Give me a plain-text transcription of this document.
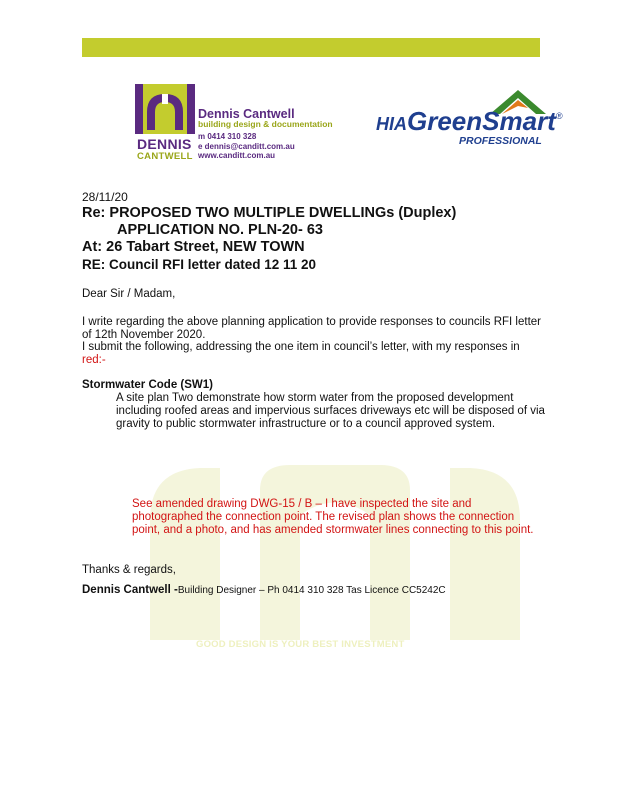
GOOD DESIGN IS YOUR BEST INVESTMENT
DENNIS
CANTWELL
Dennis Cantwell
building design & documentation
m 0414 310 328
e dennis@canditt.com.au
www.canditt.com.au
HIAGreenSmart ®
PROFESSIONAL
28/11/20
Re: PROPOSED TWO MULTIPLE DWELLINGs (Duplex)
APPLICATION NO. PLN-20- 63
At: 26 Tabart Street, NEW TOWN
RE: Council RFI letter dated 12 11 20
Dear Sir / Madam,
I write regarding the above planning application to provide responses to councils RFI letter of 12th November 2020.
I submit the following, addressing the one item in council’s letter, with my responses in red:-
Stormwater Code (SW1)
A site plan Two demonstrate how storm water from the proposed development including roofed areas and impervious surfaces driveways etc will be disposed of via gravity to public stormwater infrastructure or to a council approved system.
See amended drawing DWG-15 / B – I have inspected the site and photographed the connection point. The revised plan shows the connection point, and a photo, and has amended stormwater lines connecting to this point.
Thanks & regards,
Dennis Cantwell -Building Designer – Ph 0414 310 328 Tas Licence CC5242C
